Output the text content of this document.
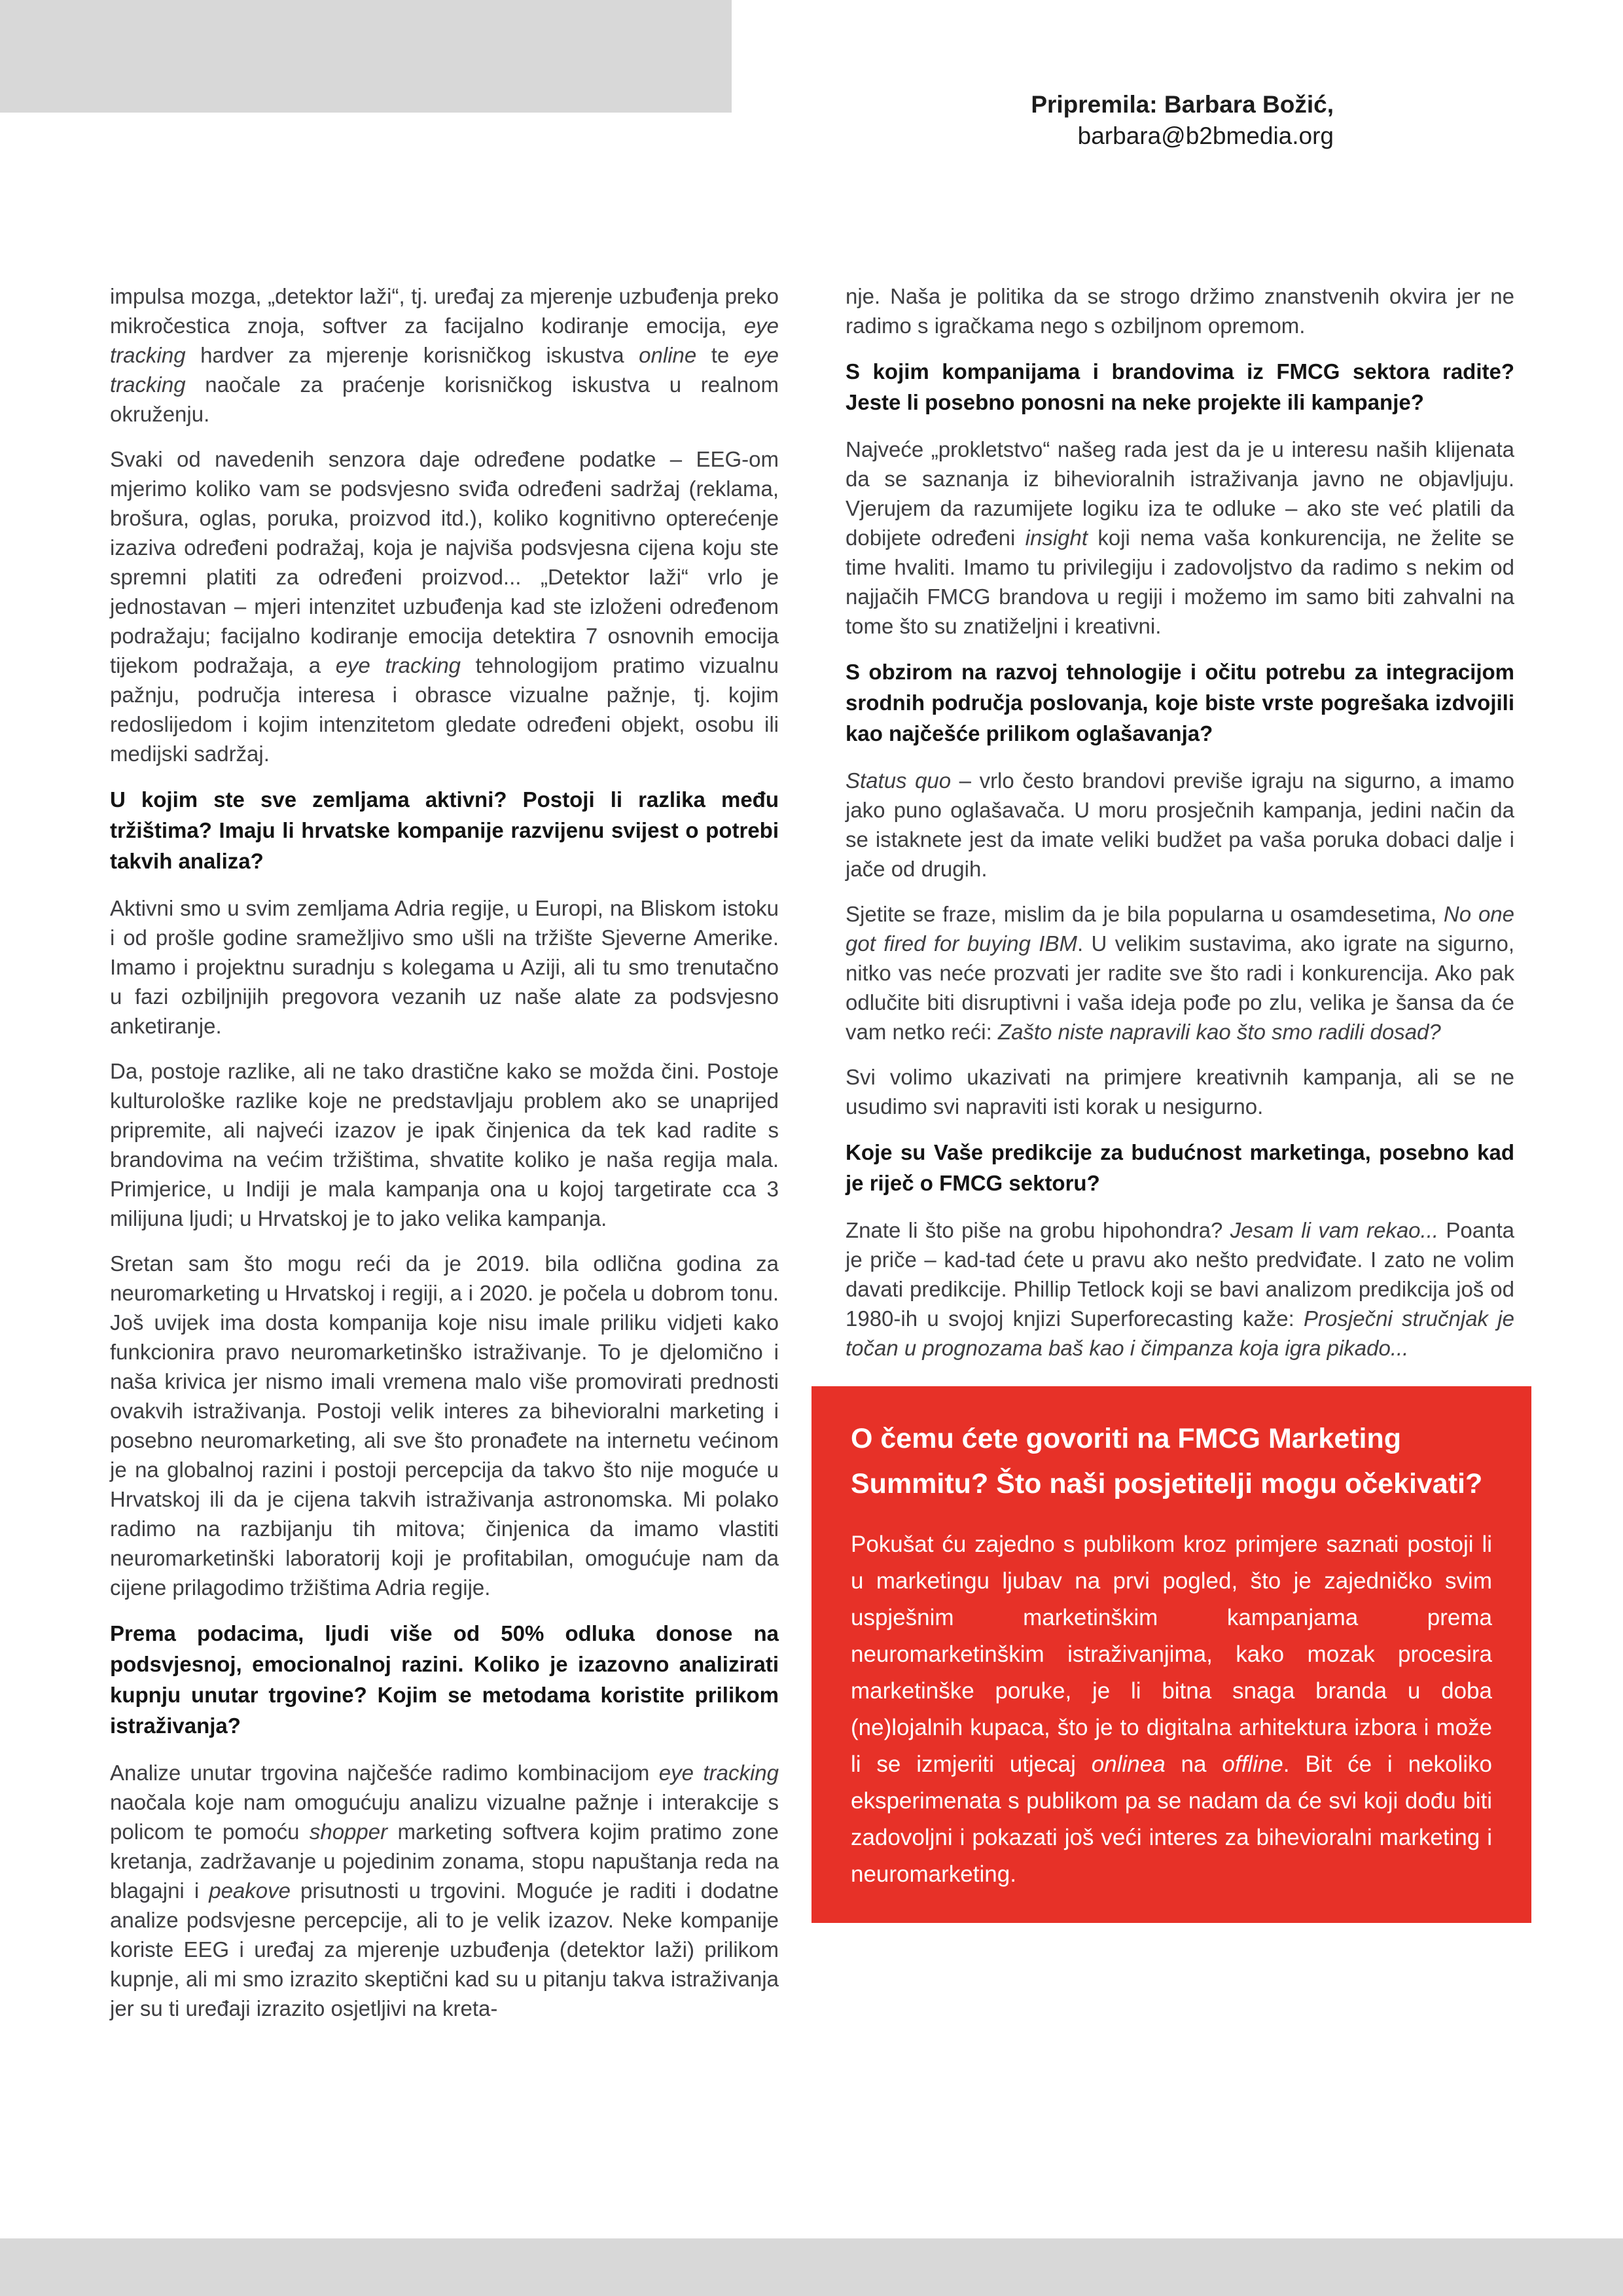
Pripremila: Barbara Božić,
barbara@b2bmedia.org
impulsa mozga, „detektor laži“, tj. uređaj za mjerenje uzbuđenja preko mikročestica znoja, softver za facijalno kodiranje emocija, eye tracking hardver za mjerenje korisničkog iskustva online te eye tracking naočale za praćenje korisničkog iskustva u realnom okruženju.
Svaki od navedenih senzora daje određene podatke – EEG-om mjerimo koliko vam se podsvjesno sviđa određeni sadržaj (reklama, brošura, oglas, poruka, proizvod itd.), koliko kognitivno opterećenje izaziva određeni podražaj, koja je najviša podsvjesna cijena koju ste spremni platiti za određeni proizvod... „Detektor laži“ vrlo je jednostavan – mjeri intenzitet uzbuđenja kad ste izloženi određenom podražaju; facijalno kodiranje emocija detektira 7 osnovnih emocija tijekom podražaja, a eye tracking tehnologijom pratimo vizualnu pažnju, područja interesa i obrasce vizualne pažnje, tj. kojim redoslijedom i kojim intenzitetom gledate određeni objekt, osobu ili medijski sadržaj.
U kojim ste sve zemljama aktivni? Postoji li razlika među tržištima? Imaju li hrvatske kompanije razvijenu svijest o potrebi takvih analiza?
Aktivni smo u svim zemljama Adria regije, u Europi, na Bliskom istoku i od prošle godine sramežljivo smo ušli na tržište Sjeverne Amerike. Imamo i projektnu suradnju s kolegama u Aziji, ali tu smo trenutačno u fazi ozbiljnijih pregovora vezanih uz naše alate za podsvjesno anketiranje.
Da, postoje razlike, ali ne tako drastične kako se možda čini. Postoje kulturološke razlike koje ne predstavljaju problem ako se unaprijed pripremite, ali najveći izazov je ipak činjenica da tek kad radite s brandovima na većim tržištima, shvatite koliko je naša regija mala. Primjerice, u Indiji je mala kampanja ona u kojoj targetirate cca 3 milijuna ljudi; u Hrvatskoj je to jako velika kampanja.
Sretan sam što mogu reći da je 2019. bila odlična godina za neuromarketing u Hrvatskoj i regiji, a i 2020. je počela u dobrom tonu. Još uvijek ima dosta kompanija koje nisu imale priliku vidjeti kako funkcionira pravo neuromarketinško istraživanje. To je djelomično i naša krivica jer nismo imali vremena malo više promovirati prednosti ovakvih istraživanja. Postoji velik interes za bihevioralni marketing i posebno neuromarketing, ali sve što pronađete na internetu većinom je na globalnoj razini i postoji percepcija da takvo što nije moguće u Hrvatskoj ili da je cijena takvih istraživanja astronomska. Mi polako radimo na razbijanju tih mitova; činjenica da imamo vlastiti neuromarketinški laboratorij koji je profitabilan, omogućuje nam da cijene prilagodimo tržištima Adria regije.
Prema podacima, ljudi više od 50% odluka donose na podsvjesnoj, emocionalnoj razini. Koliko je izazovno analizirati kupnju unutar trgovine? Kojim se metodama koristite prilikom istraživanja?
Analize unutar trgovina najčešće radimo kombinacijom eye tracking naočala koje nam omogućuju analizu vizualne pažnje i interakcije s policom te pomoću shopper marketing softvera kojim pratimo zone kretanja, zadržavanje u pojedinim zonama, stopu napuštanja reda na blagajni i peakove prisutnosti u trgovini. Moguće je raditi i dodatne analize podsvjesne percepcije, ali to je velik izazov. Neke kompanije koriste EEG i uređaj za mjerenje uzbuđenja (detektor laži) prilikom kupnje, ali mi smo izrazito skeptični kad su u pitanju takva istraživanja jer su ti uređaji izrazito osjetljivi na kreta-
nje. Naša je politika da se strogo držimo znanstvenih okvira jer ne radimo s igračkama nego s ozbiljnom opremom.
S kojim kompanijama i brandovima iz FMCG sektora radite? Jeste li posebno ponosni na neke projekte ili kampanje?
Najveće „prokletstvo“ našeg rada jest da je u interesu naših klijenata da se saznanja iz bihevioralnih istraživanja javno ne objavljuju. Vjerujem da razumijete logiku iza te odluke – ako ste već platili da dobijete određeni insight koji nema vaša konkurencija, ne želite se time hvaliti. Imamo tu privilegiju i zadovoljstvo da radimo s nekim od najjačih FMCG brandova u regiji i možemo im samo biti zahvalni na tome što su znatiželjni i kreativni.
S obzirom na razvoj tehnologije i očitu potrebu za integracijom srodnih područja poslovanja, koje biste vrste pogrešaka izdvojili kao najčešće prilikom oglašavanja?
Status quo – vrlo često brandovi previše igraju na sigurno, a imamo jako puno oglašavača. U moru prosječnih kampanja, jedini način da se istaknete jest da imate veliki budžet pa vaša poruka dobaci dalje i jače od drugih.
Sjetite se fraze, mislim da je bila popularna u osamdesetima, No one got fired for buying IBM. U velikim sustavima, ako igrate na sigurno, nitko vas neće prozvati jer radite sve što radi i konkurencija. Ako pak odlučite biti disruptivni i vaša ideja pođe po zlu, velika je šansa da će vam netko reći: Zašto niste napravili kao što smo radili dosad?
Svi volimo ukazivati na primjere kreativnih kampanja, ali se ne usudimo svi napraviti isti korak u nesigurno.
Koje su Vaše predikcije za budućnost marketinga, posebno kad je riječ o FMCG sektoru?
Znate li što piše na grobu hipohondra? Jesam li vam rekao... Poanta je priče – kad-tad ćete u pravu ako nešto predviđate. I zato ne volim davati predikcije. Phillip Tetlock koji se bavi analizom predikcija još od 1980-ih u svojoj knjizi Superforecasting kaže: Prosječni stručnjak je točan u prognozama baš kao i čimpanza koja igra pikado...
O čemu ćete govoriti na FMCG Marketing Summitu? Što naši posjetitelji mogu očekivati?
Pokušat ću zajedno s publikom kroz primjere saznati postoji li u marketingu ljubav na prvi pogled, što je zajedničko svim uspješnim marketinškim kampanjama prema neuromarketinškim istraživanjima, kako mozak procesira marketinške poruke, je li bitna snaga branda u doba (ne)lojalnih kupaca, što je to digitalna arhitektura izbora i može li se izmjeriti utjecaj onlinea na offline. Bit će i nekoliko eksperimenata s publikom pa se nadam da će svi koji dođu biti zadovoljni i pokazati još veći interes za bihevioralni marketing i neuromarketing.
